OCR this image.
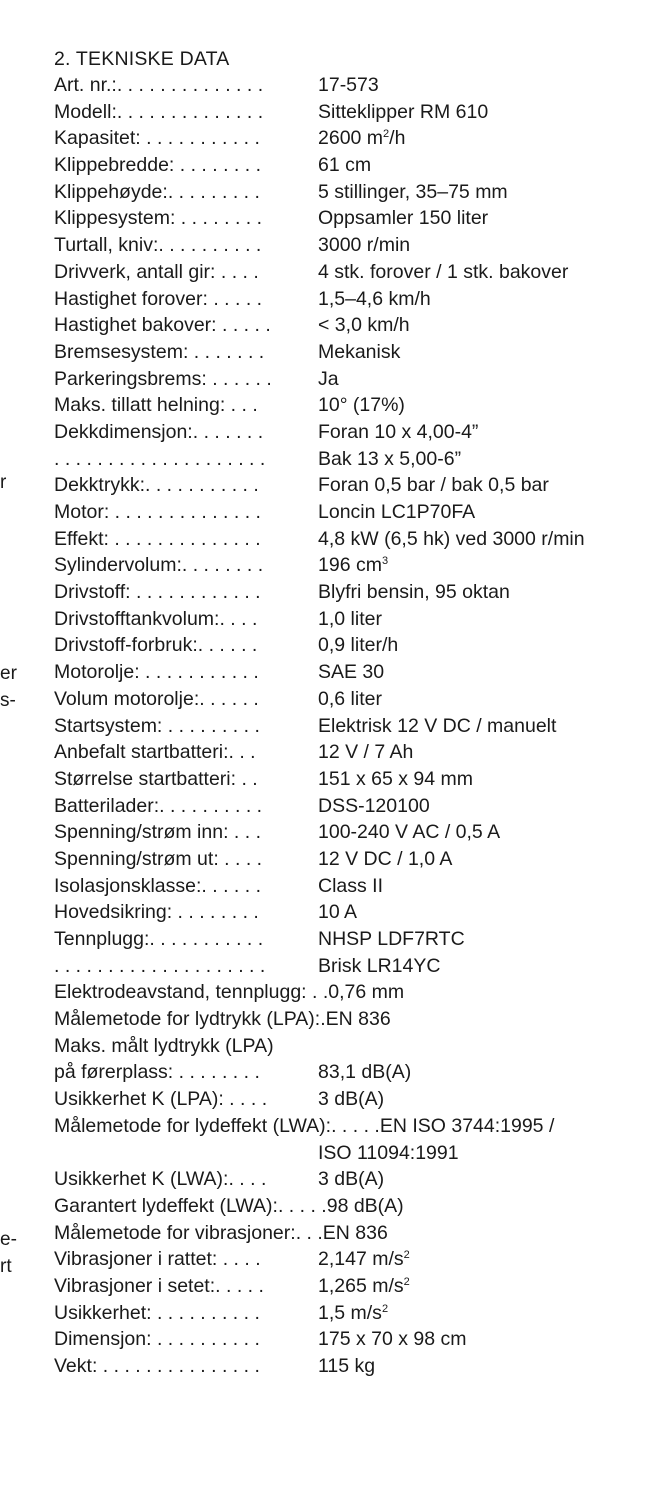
r
er
s-
e-
rt
2. TEKNISKE DATA
Art. nr.:. . . . . . . . . . . . . .	17-573
Modell:. . . . . . . . . . . . . .	Sitteklipper RM 610
Kapasitet: . . . . . . . . . . .	2600 $m^2/h$
Klippebredde: . . . . . . . .	61 cm
Klippehøyde:. . . . . . . . .	5 stillinger, 35–75 mm
Klippesystem: . . . . . . . .	Oppsamler 150 liter
Turtall, kniv:. . . . . . . . . .	3000 r/min
Drivverk, antall gir: . . . .	4 stk. forover / 1 stk. bakover
Hastighet forover: . . . . .	1,5–4,6 km/h
Hastighet bakover: . . . . .	< 3,0 km/h
Bremsesystem: . . . . . . .	Mekanisk
Parkeringsbrems: . . . . . .	Ja
Maks. tillatt helning: . . .	10° (17%)
Dekkdimensjon:. . . . . . .	Foran 10 x 4,00-4”
. . . . . . . . . . . . . . . . . . . .	Bak 13 x 5,00-6”
Dekktrykk:. . . . . . . . . . .	Foran 0,5 bar / bak 0,5 bar
Motor: . . . . . . . . . . . . . .	Loncin LC1P70FA
Effekt: . . . . . . . . . . . . . .	4,8 kW (6,5 hk) ved 3000 r/min
Sylindervolum:. . . . . . . .	196 $cm^3$
Drivstoff: . . . . . . . . . . . .	Blyfri bensin, 95 oktan
Drivstofftankvolum:. . . .	1,0 liter
Drivstoff-forbruk:. . . . . .	0,9 liter/h
Motorolje: . . . . . . . . . . .	SAE 30
Volum motorolje:. . . . . .	0,6 liter
Startsystem: . . . . . . . . .	Elektrisk 12 V DC / manuelt
Anbefalt startbatteri:. . .	12 V / 7 Ah
Størrelse startbatteri: . .	151 x 65 x 94 mm
Batterilader:. . . . . . . . . .	DSS-120100
Spenning/strøm inn: . . .	100-240 V AC / 0,5 A
Spenning/strøm ut: . . . .	12 V DC / 1,0 A
Isolasjonsklasse:. . . . . .	Class II
Hovedsikring: . . . . . . . .	10 A
Tennplugg:. . . . . . . . . . .	NHSP LDF7RTC
. . . . . . . . . . . . . . . . . . . .	Brisk LR14YC
Elektrodeavstand, tennplugg: . .0,76 mm
Målemetode for lydtrykk (LPA):.EN 836
Maks. målt lydtrykk (LPA)
på førerplass: . . . . . . . .	83,1 dB(A)
Usikkerhet K (LPA): . . . .	3 dB(A)
Målemetode for lydeffekt (LWA):. . . . .EN ISO 3744:1995 /
ISO 11094:1991
Usikkerhet K (LWA):. . . .	3 dB(A)
Garantert lydeffekt (LWA):. . . . .98 dB(A)
Målemetode for vibrasjoner:. . .EN 836
Vibrasjoner i rattet: . . . .	2,147 $m/s^2$
Vibrasjoner i setet:. . . . .	1,265 $m/s^2$
Usikkerhet: . . . . . . . . . .	1,5 $m/s^2$
Dimensjon: . . . . . . . . . .	175 x 70 x 98 cm
Vekt: . . . . . . . . . . . . . . .	115 kg
